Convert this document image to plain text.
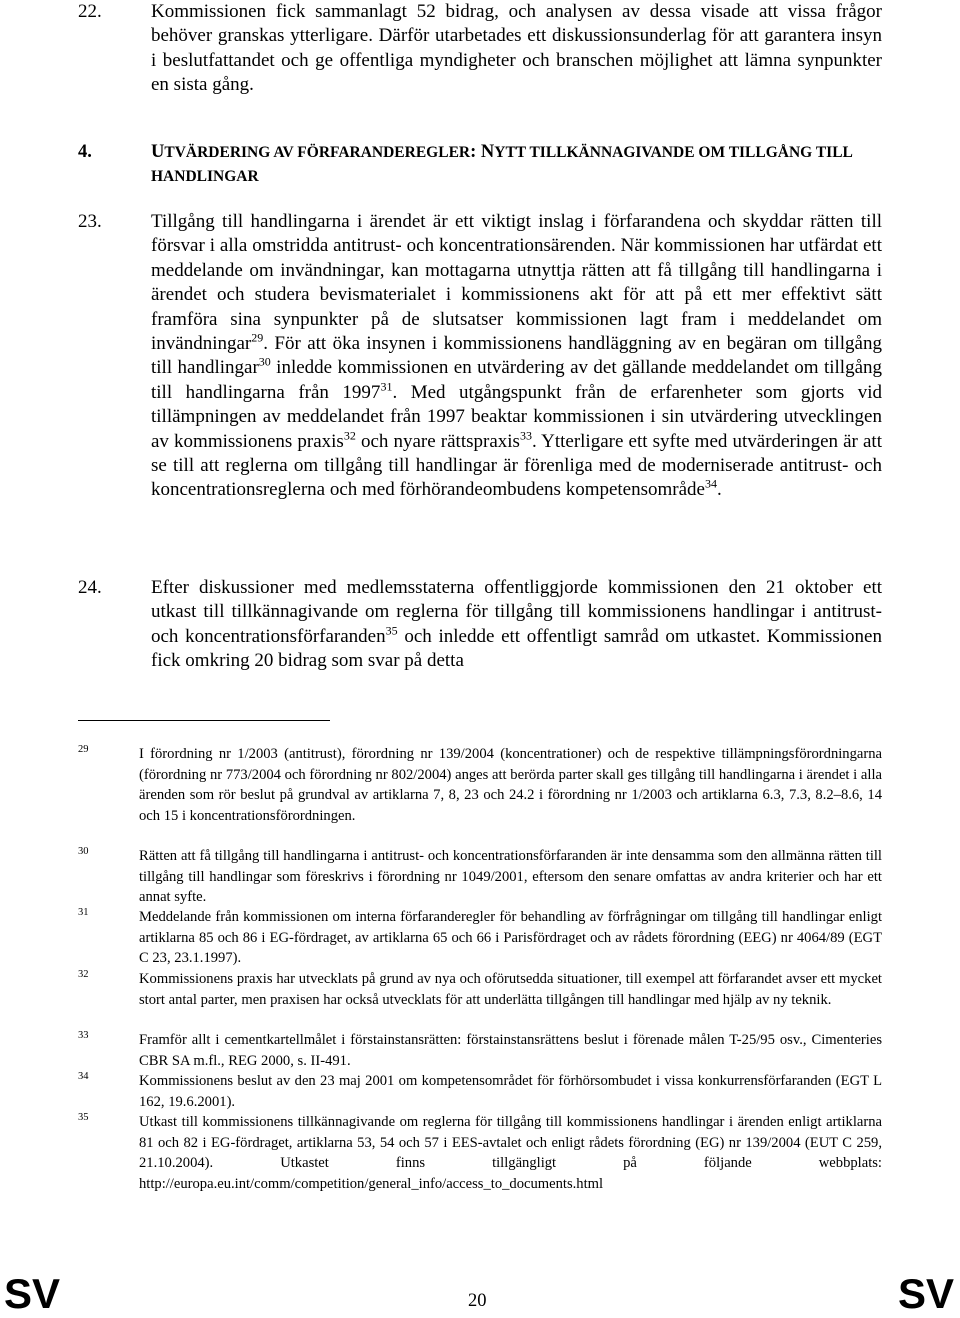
22.	Kommissionen fick sammanlagt 52 bidrag, och analysen av dessa visade att vissa frågor behöver granskas ytterligare. Därför utarbetades ett diskussionsunderlag för att garantera insyn i beslutfattandet och ge offentliga myndigheter och branschen möjlighet att lämna synpunkter en sista gång.
4.	UTVÄRDERING AV FÖRFARANDEREGLER: NYTT TILLKÄNNAGIVANDE OM TILLGÅNG TILL HANDLINGAR
23.	Tillgång till handlingarna i ärendet är ett viktigt inslag i förfarandena och skyddar rätten till försvar i alla omstridda antitrust- och koncentrationsärenden. När kommissionen har utfärdat ett meddelande om invändningar, kan mottagarna utnyttja rätten att få tillgång till handlingarna i ärendet och studera bevismaterialet i kommissionens akt för att på ett mer effektivt sätt framföra sina synpunkter på de slutsatser kommissionen lagt fram i meddelandet om invändningar$^{29}$. För att öka insynen i kommissionens handläggning av en begäran om tillgång till handlingar$^{30}$ inledde kommissionen en utvärdering av det gällande meddelandet om tillgång till handlingarna från 1997$^{31}$. Med utgångspunkt från de erfarenheter som gjorts vid tillämpningen av meddelandet från 1997 beaktar kommissionen i sin utvärdering utvecklingen av kommissionens praxis$^{32}$ och nyare rättspraxis$^{33}$. Ytterligare ett syfte med utvärderingen är att se till att reglerna om tillgång till handlingar är förenliga med de moderniserade antitrust- och koncentrationsreglerna och med förhörandeombudens kompetensområde$^{34}$.
24.	Efter diskussioner med medlemsstaterna offentliggjorde kommissionen den 21 oktober ett utkast till tillkännagivande om reglerna för tillgång till kommissionens handlingar i antitrust- och koncentrationsförfaranden$^{35}$ och inledde ett offentligt samråd om utkastet. Kommissionen fick omkring 20 bidrag som svar på detta
29	I förordning nr 1/2003 (antitrust), förordning nr 139/2004 (koncentrationer) och de respektive tillämpningsförordningarna (förordning nr 773/2004 och förordning nr 802/2004) anges att berörda parter skall ges tillgång till handlingarna i ärendet i alla ärenden som rör beslut på grundval av artiklarna 7, 8, 23 och 24.2 i förordning nr 1/2003 och artiklarna 6.3, 7.3, 8.2–8.6, 14 och 15 i koncentrationsförordningen.
30	Rätten att få tillgång till handlingarna i antitrust- och koncentrationsförfaranden är inte densamma som den allmänna rätten till tillgång till handlingar som föreskrivs i förordning nr 1049/2001, eftersom den senare omfattas av andra kriterier och har ett annat syfte.
31	Meddelande från kommissionen om interna förfaranderegler för behandling av förfrågningar om tillgång till handlingar enligt artiklarna 85 och 86 i EG-fördraget, av artiklarna 65 och 66 i Parisfördraget och av rådets förordning (EEG) nr 4064/89 (EGT C 23, 23.1.1997).
32	Kommissionens praxis har utvecklats på grund av nya och oförutsedda situationer, till exempel att förfarandet avser ett mycket stort antal parter, men praxisen har också utvecklats för att underlätta tillgången till handlingar med hjälp av ny teknik.
33	Framför allt i cementkartellmålet i förstainstansrätten: förstainstansrättens beslut i förenade målen T-25/95 osv., Cimenteries CBR SA m.fl., REG 2000, s. II-491.
34	Kommissionens beslut av den 23 maj 2001 om kompetensområdet för förhörsombudet i vissa konkurrensförfaranden (EGT L 162, 19.6.2001).
35	Utkast till kommissionens tillkännagivande om reglerna för tillgång till kommissionens handlingar i ärenden enligt artiklarna 81 och 82 i EG-fördraget, artiklarna 53, 54 och 57 i EES-avtalet och enligt rådets förordning (EG) nr 139/2004 (EUT C 259, 21.10.2004). Utkastet finns tillgängligt på följande webbplats: http://europa.eu.int/comm/competition/general_info/access_to_documents.html
SV	20	SV
